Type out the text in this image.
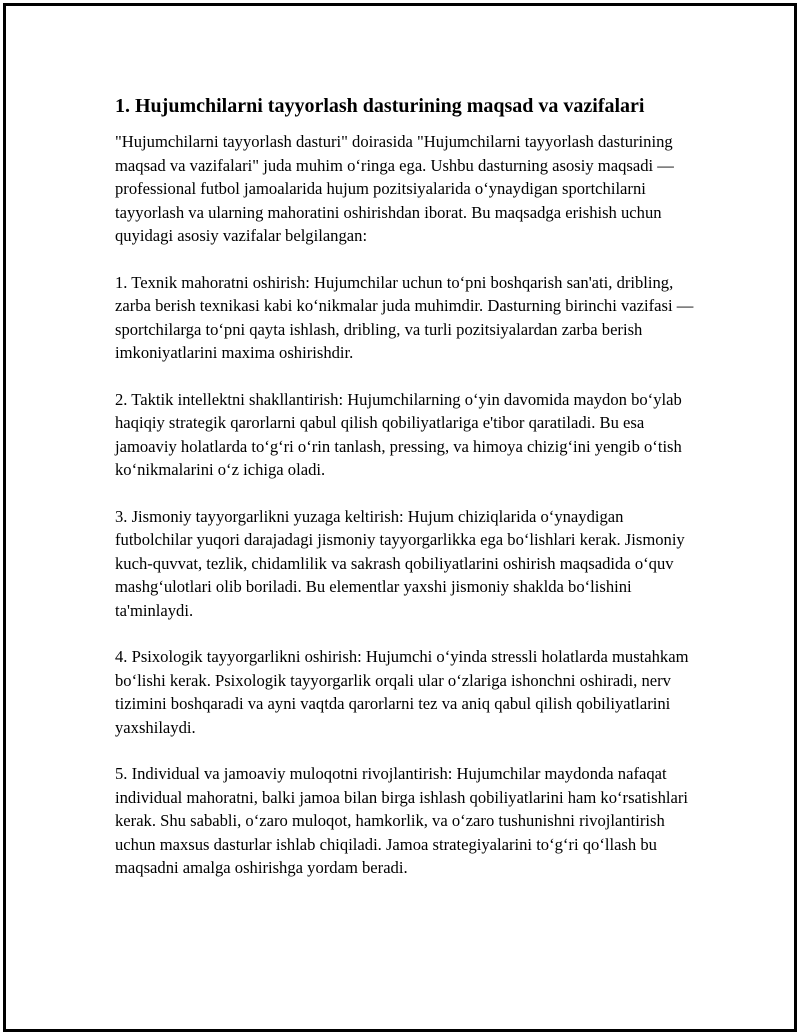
1. Hujumchilarni tayyorlash dasturining maqsad va vazifalari

"Hujumchilarni tayyorlash dasturi" doirasida "Hujumchilarni tayyorlash dasturining maqsad va vazifalari" juda muhim o‘ringa ega. Ushbu dasturning asosiy maqsadi — professional futbol jamoalarida hujum pozitsiyalarida o‘ynaydigan sportchilarni tayyorlash va ularning mahoratini oshirishdan iborat. Bu maqsadga erishish uchun quyidagi asosiy vazifalar belgilangan:

1. Texnik mahoratni oshirish: Hujumchilar uchun to‘pni boshqarish san'ati, dribling, zarba berish texnikasi kabi ko‘nikmalar juda muhimdir. Dasturning birinchi vazifasi — sportchilarga to‘pni qayta ishlash, dribling, va turli pozitsiyalardan zarba berish imkoniyatlarini maxima oshirishdir.

2. Taktik intellektni shakllantirish: Hujumchilarning o‘yin davomida maydon bo‘ylab haqiqiy strategik qarorlarni qabul qilish qobiliyatlariga e'tibor qaratiladi. Bu esa jamoaviy holatlarda to‘g‘ri o‘rin tanlash, pressing, va himoya chizig‘ini yengib o‘tish ko‘nikmalarini o‘z ichiga oladi.

3. Jismoniy tayyorgarlikni yuzaga keltirish: Hujum chiziqlarida o‘ynaydigan futbolchilar yuqori darajadagi jismoniy tayyorgarlikka ega bo‘lishlari kerak. Jismoniy kuch-quvvat, tezlik, chidamlilik va sakrash qobiliyatlarini oshirish maqsadida o‘quv mashg‘ulotlari olib boriladi. Bu elementlar yaxshi jismoniy shaklda bo‘lishini ta'minlaydi.

4. Psixologik tayyorgarlikni oshirish: Hujumchi o‘yinda stressli holatlarda mustahkam bo‘lishi kerak. Psixologik tayyorgarlik orqali ular o‘zlariga ishonchni oshiradi, nerv tizimini boshqaradi va ayni vaqtda qarorlarni tez va aniq qabul qilish qobiliyatlarini yaxshilaydi.

5. Individual va jamoaviy muloqotni rivojlantirish: Hujumchilar maydonda nafaqat individual mahoratni, balki jamoa bilan birga ishlash qobiliyatlarini ham ko‘rsatishlari kerak. Shu sababli, o‘zaro muloqot, hamkorlik, va o‘zaro tushunishni rivojlantirish uchun maxsus dasturlar ishlab chiqiladi. Jamoa strategiyalarini to‘g‘ri qo‘llash bu maqsadni amalga oshirishga yordam beradi.
